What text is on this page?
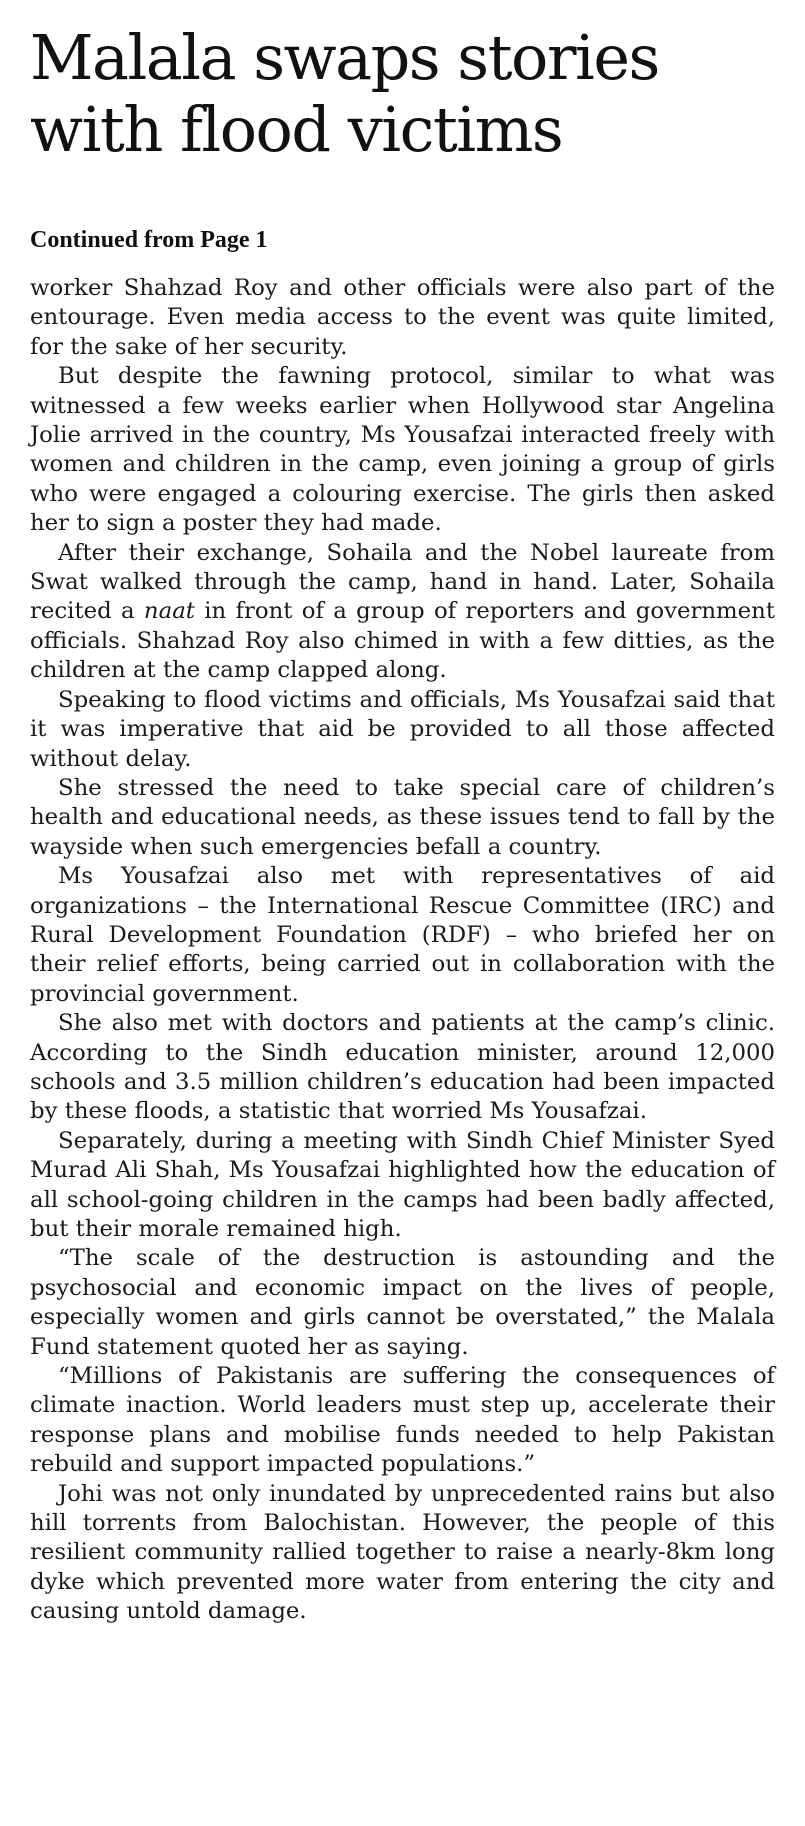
Malala swaps stories with flood victims
Continued from Page 1

worker Shahzad Roy and other officials were also part of the entourage. Even media access to the event was quite limited, for the sake of her security.

But despite the fawning protocol, similar to what was witnessed a few weeks earlier when Hollywood star Angelina Jolie arrived in the country, Ms Yousafzai interacted freely with women and children in the camp, even joining a group of girls who were engaged a colouring exercise. The girls then asked her to sign a poster they had made.

After their exchange, Sohaila and the Nobel laureate from Swat walked through the camp, hand in hand. Later, Sohaila recited a naat in front of a group of reporters and government officials. Shahzad Roy also chimed in with a few ditties, as the children at the camp clapped along.

Speaking to flood victims and officials, Ms Yousafzai said that it was imperative that aid be provided to all those affected without delay.

She stressed the need to take special care of children’s health and educational needs, as these issues tend to fall by the wayside when such emergencies befall a country.

Ms Yousafzai also met with representatives of aid organizations – the International Rescue Committee (IRC) and Rural Development Foundation (RDF) – who briefed her on their relief efforts, being carried out in collaboration with the provincial government.

She also met with doctors and patients at the camp’s clinic. According to the Sindh education minister, around 12,000 schools and 3.5 million children’s education had been impacted by these floods, a statistic that worried Ms Yousafzai.

Separately, during a meeting with Sindh Chief Minister Syed Murad Ali Shah, Ms Yousafzai highlighted how the education of all school-going children in the camps had been badly affected, but their morale remained high.

“The scale of the destruction is astounding and the psychosocial and economic impact on the lives of people, especially women and girls cannot be overstated,” the Malala Fund statement quoted her as saying.

“Millions of Pakistanis are suffering the consequences of climate inaction. World leaders must step up, accelerate their response plans and mobilise funds needed to help Pakistan rebuild and support impacted populations.”

Johi was not only inundated by unprecedented rains but also hill torrents from Balochistan. However, the people of this resilient community rallied together to raise a nearly-8km long dyke which prevented more water from entering the city and causing untold damage.
